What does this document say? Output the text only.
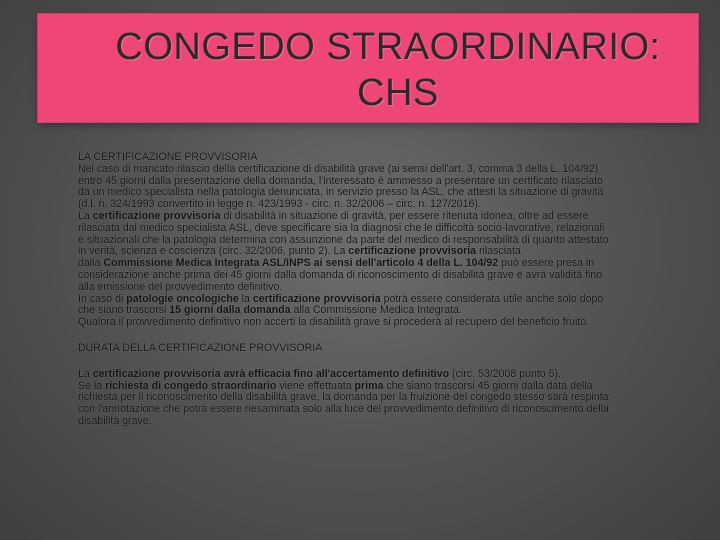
CONGEDO STRAORDINARIO:
CHS
LA CERTIFICAZIONE PROVVISORIA
Nel caso di mancato rilascio della certificazione di disabilità grave (ai sensi dell'art. 3, comma 3 della L. 104/92)
entro 45 giorni dalla presentazione della domanda, l'interessato è ammesso a presentare un certificato rilasciato
da un medico specialista nella patologia denunciata, in servizio presso la ASL, che attesti la situazione di gravità
(d.l. n. 324/1993 convertito in legge n. 423/1993 - circ. n. 32/2006 – circ. n. 127/2016).
La certificazione provvisoria di disabilità in situazione di gravità, per essere ritenuta idonea, oltre ad essere
rilasciata dal medico specialista ASL, deve specificare sia la diagnosi che le difficoltà socio-lavorative, relazionali
e situazionali che la patologia determina con assunzione da parte del medico di responsabilità di quanto attestato
in verità, scienza e coscienza (circ. 32/2006, punto 2). La certificazione provvisoria rilasciata
dalla Commissione Medica Integrata ASL/INPS ai sensi dell'articolo 4 della L. 104/92 può essere presa in
considerazione anche prima dei 45 giorni dalla domanda di riconoscimento di disabilità grave e avrà validità fino
alla emissione del provvedimento definitivo.
In caso di patologie oncologiche la certificazione provvisoria potrà essere considerata utile anche solo dopo
che siano trascorsi 15 giorni dalla domanda alla Commissione Medica Integrata.
Qualora il provvedimento definitivo non accerti la disabilità grave si procederà al recupero del beneficio fruito.
DURATA DELLA CERTIFICAZIONE PROVVISORIA
La certificazione provvisoria avrà efficacia fino all'accertamento definitivo (circ. 53/2008 punto 5).
Se la richiesta di congedo straordinario viene effettuata prima che siano trascorsi 45 giorni dalla data della
richiesta per il riconoscimento della disabilità grave, la domanda per la fruizione del congedo stesso sarà respinta
con l'annotazione che potrà essere riesaminata solo alla luce del provvedimento definitivo di riconoscimento della
disabilità grave.
